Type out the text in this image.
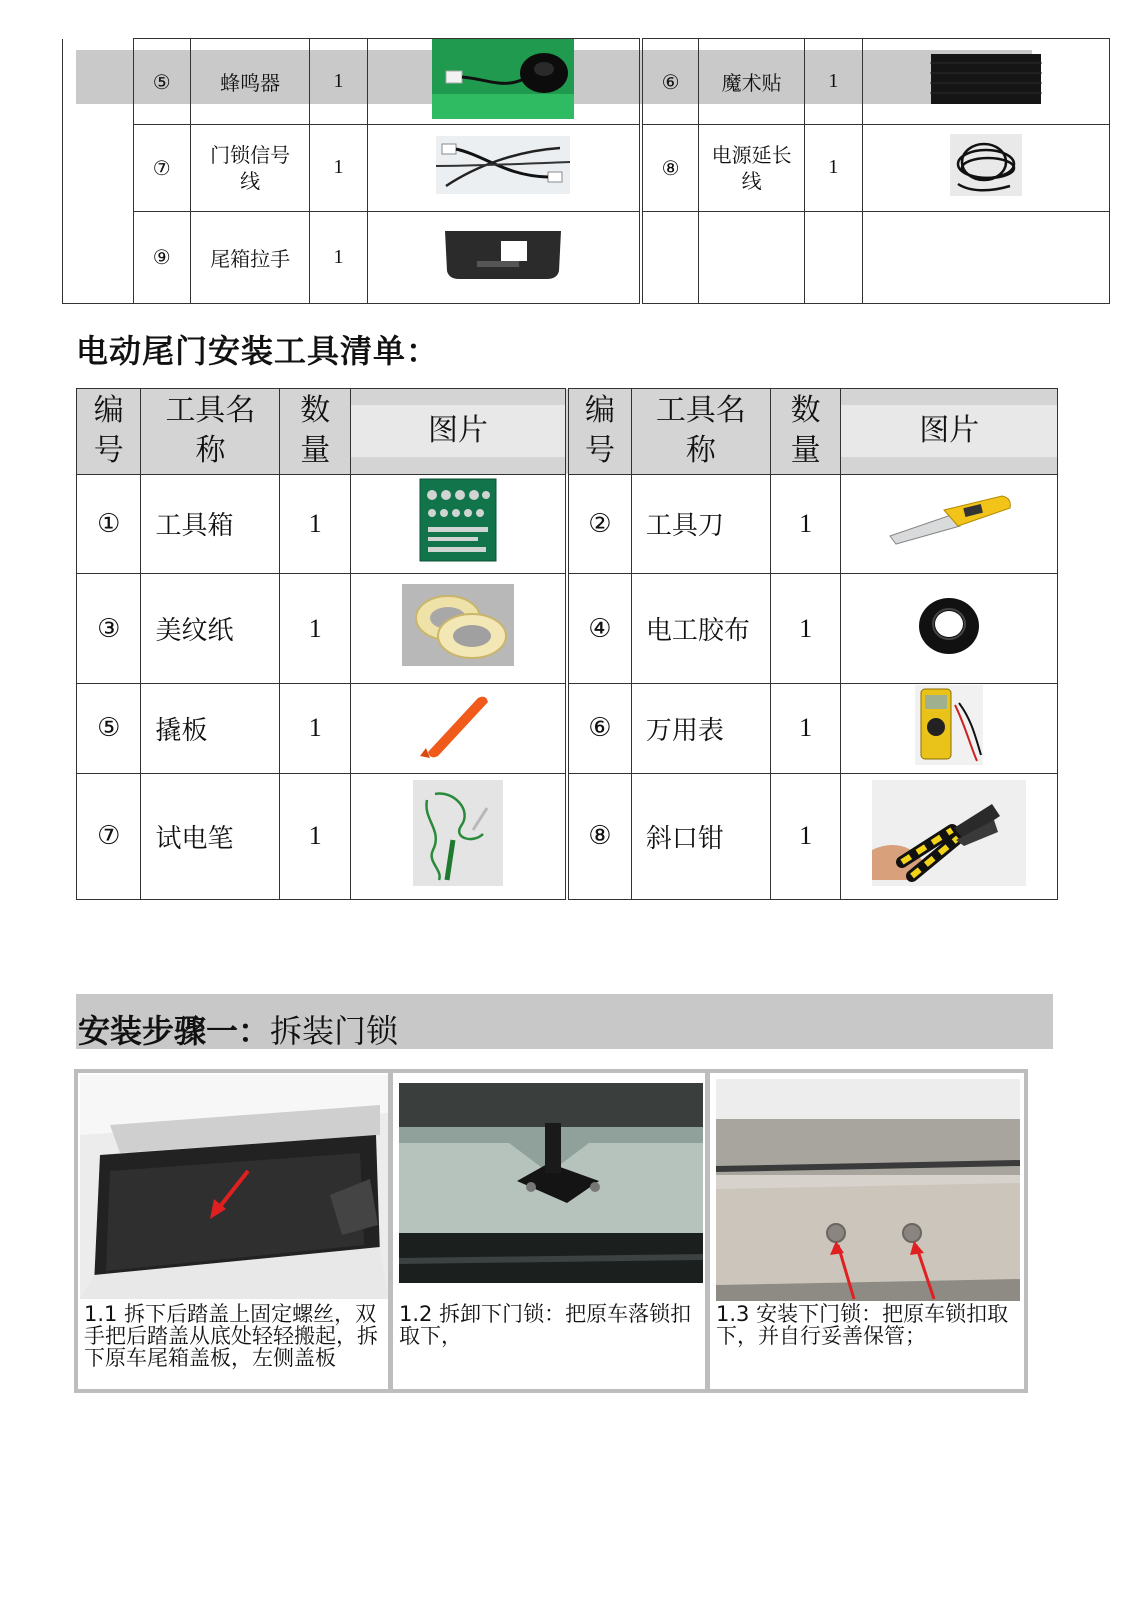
	⑤	蜂鸣器	1		⑥	魔术贴	1	
	⑦	门锁信号线	1		⑧	电源延长线	1	
	⑨	尾箱拉手	1					
电动尾门安装工具清单：
编号	工具名称	数量	图片	编号	工具名称	数量	图片

①	工具箱	1		②	工具刀	1	
③	美纹纸	1		④	电工胶布	1	
⑤	撬板	1		⑥	万用表	1	
⑦	试电笔	1		⑧	斜口钳	1	
安装步骤一：拆装门锁
1.1 拆下后踏盖上固定螺丝，双手把后踏盖从底处轻轻搬起，拆下原车尾箱盖板，左侧盖板
1.2 拆卸下门锁：把原车落锁扣取下，
1.3 安装下门锁：把原车锁扣取下，并自行妥善保管；
